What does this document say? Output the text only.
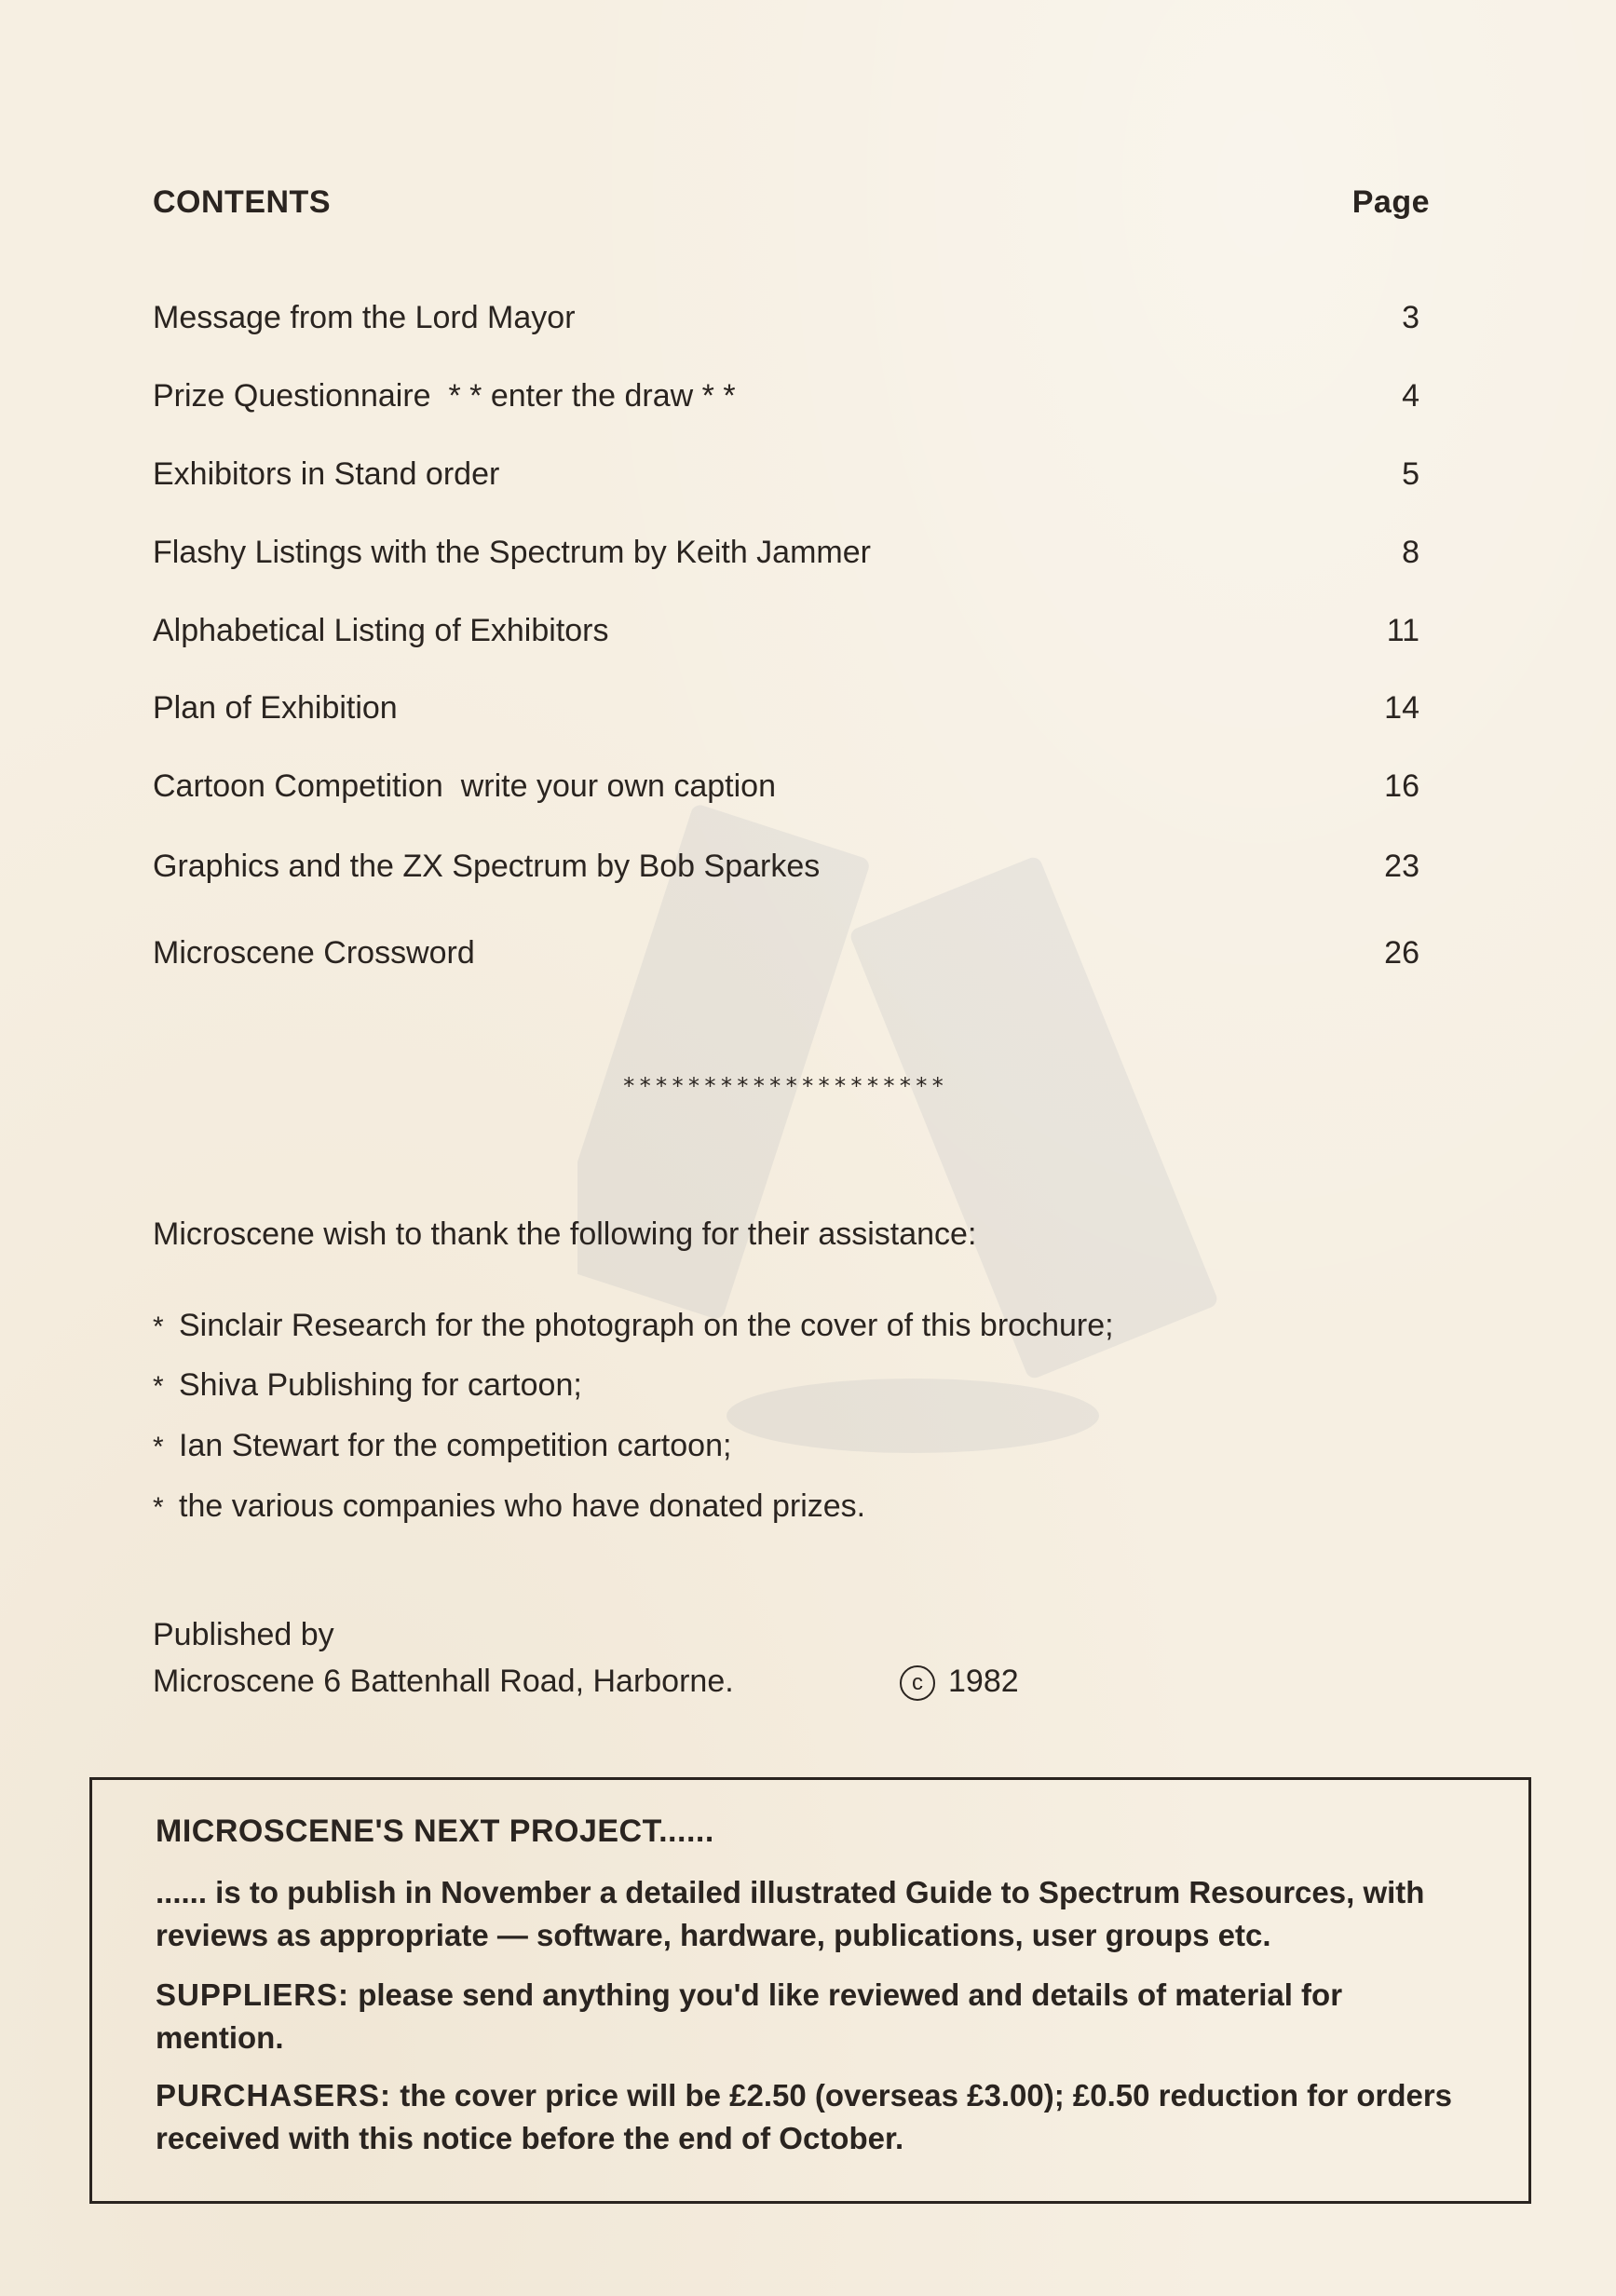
CONTENTS	Page
Message from the Lord Mayor	3
Prize Questionnaire  * * enter the draw * *	4
Exhibitors in Stand order	5
Flashy Listings with the Spectrum by Keith Jammer	8
Alphabetical Listing of Exhibitors	11
Plan of Exhibition	14
Cartoon Competition  write your own caption	16
Graphics and the ZX Spectrum by Bob Sparkes	23
Microscene Crossword	26
********************
Microscene wish to thank the following for their assistance:
* Sinclair Research for the photograph on the cover of this brochure;
* Shiva Publishing for cartoon;
* Ian Stewart for the competition cartoon;
* the various companies who have donated prizes.
Published by
Microscene 6 Battenhall Road, Harborne.	c 1982
MICROSCENE'S NEXT PROJECT......
...... is to publish in November a detailed illustrated Guide to Spectrum Resources, with reviews as appropriate — software, hardware, publications, user groups etc.
SUPPLIERS: please send anything you'd like reviewed and details of material for mention.
PURCHASERS: the cover price will be £2.50 (overseas £3.00); £0.50 reduction for orders received with this notice before the end of October.
